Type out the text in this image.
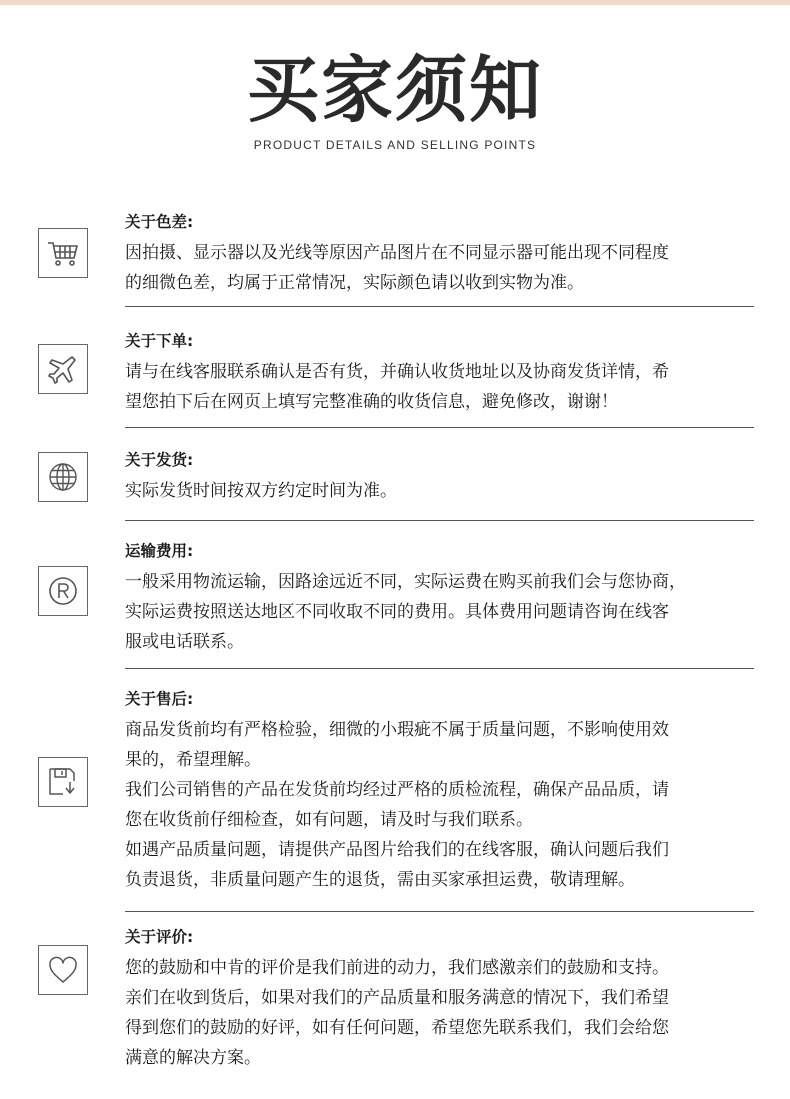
买家须知
PRODUCT DETAILS AND SELLING POINTS
关于色差:

因拍摄、显示器以及光线等原因产品图片在不同显示器可能出现不同程度
的细微色差，均属于正常情况，实际颜色请以收到实物为准。

关于下单:

请与在线客服联系确认是否有货，并确认收货地址以及协商发货详情，希
望您拍下后在网页上填写完整准确的收货信息，避免修改，谢谢！

关于发货:

实际发货时间按双方约定时间为准。

运输费用:

一般采用物流运输，因路途远近不同，实际运费在购买前我们会与您协商，
实际运费按照送达地区不同收取不同的费用。具体费用问题请咨询在线客
服或电话联系。

关于售后:

商品发货前均有严格检验，细微的小瑕疵不属于质量问题，不影响使用效
果的，希望理解。

我们公司销售的产品在发货前均经过严格的质检流程，确保产品品质，请
您在收货前仔细检查，如有问题，请及时与我们联系。

如遇产品质量问题，请提供产品图片给我们的在线客服，确认问题后我们
负责退货，非质量问题产生的退货，需由买家承担运费，敬请理解。

关于评价:

您的鼓励和中肯的评价是我们前进的动力，我们感激亲们的鼓励和支持。

亲们在收到货后，如果对我们的产品质量和服务满意的情况下，我们希望
得到您们的鼓励的好评，如有任何问题，希望您先联系我们，我们会给您
满意的解决方案。
